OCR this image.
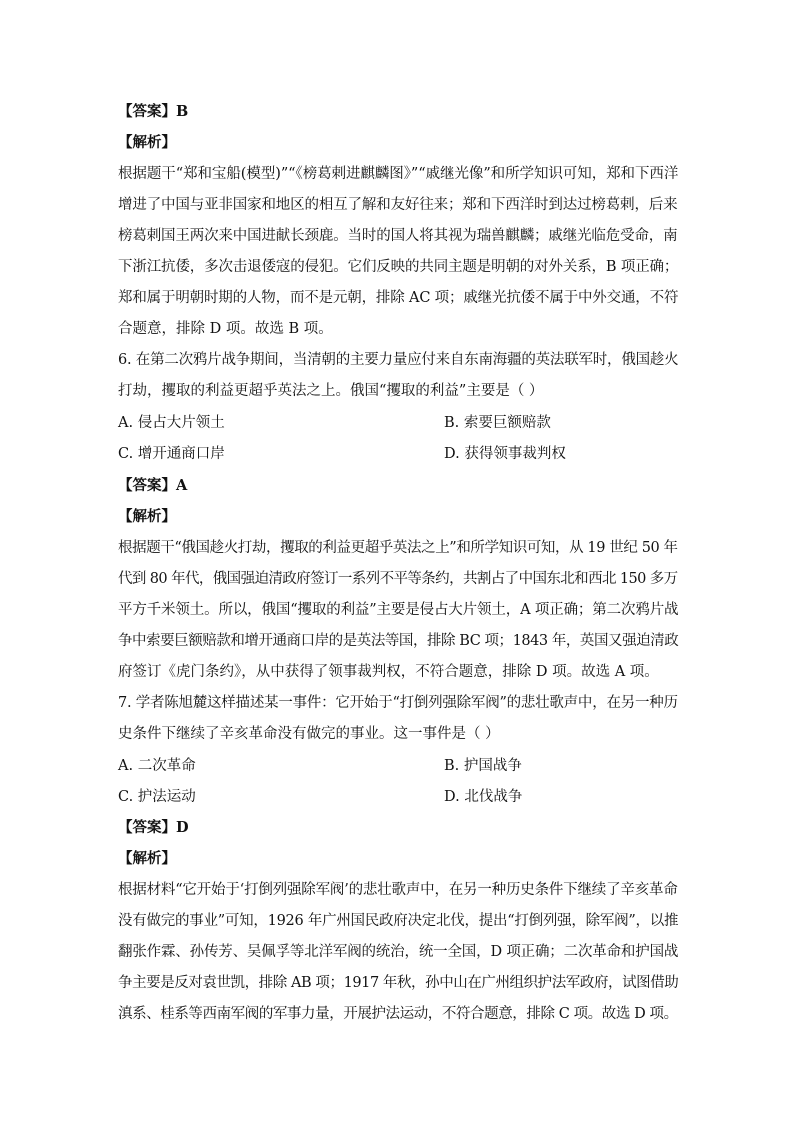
【答案】B
【解析】
根据题干“郑和宝船(模型)”“《榜葛剌进麒麟图》”“戚继光像”和所学知识可知，郑和下西洋
增进了中国与亚非国家和地区的相互了解和友好往来；郑和下西洋时到达过榜葛剌，后来
榜葛剌国王两次来中国进献长颈鹿。当时的国人将其视为瑞兽麒麟；戚继光临危受命，南
下浙江抗倭，多次击退倭寇的侵犯。它们反映的共同主题是明朝的对外关系，B 项正确；
郑和属于明朝时期的人物，而不是元朝，排除 AC 项；戚继光抗倭不属于中外交通，不符
合题意，排除 D 项。故选 B 项。
6. 在第二次鸦片战争期间，当清朝的主要力量应付来自东南海疆的英法联军时，俄国趁火
打劫，攫取的利益更超乎英法之上。俄国“攫取的利益”主要是（ ）
A. 侵占大片领土	B. 索要巨额赔款
C. 增开通商口岸	D. 获得领事裁判权
【答案】A
【解析】
根据题干“俄国趁火打劫，攫取的利益更超乎英法之上”和所学知识可知，从 19 世纪 50 年
代到 80 年代，俄国强迫清政府签订一系列不平等条约，共割占了中国东北和西北 150 多万
平方千米领土。所以，俄国“攫取的利益”主要是侵占大片领土，A 项正确；第二次鸦片战
争中索要巨额赔款和增开通商口岸的是英法等国，排除 BC 项；1843 年，英国又强迫清政
府签订《虎门条约》，从中获得了领事裁判权，不符合题意，排除 D 项。故选 A 项。
7. 学者陈旭麓这样描述某一事件：它开始于“打倒列强除军阀”的悲壮歌声中，在另一种历
史条件下继续了辛亥革命没有做完的事业。这一事件是（ ）
A. 二次革命	B. 护国战争
C. 护法运动	D. 北伐战争
【答案】D
【解析】
根据材料“它开始于‘打倒列强除军阀’的悲壮歌声中，在另一种历史条件下继续了辛亥革命
没有做完的事业”可知，1926 年广州国民政府决定北伐，提出“打倒列强，除军阀”，以推
翻张作霖、孙传芳、吴佩孚等北洋军阀的统治，统一全国，D 项正确；二次革命和护国战
争主要是反对袁世凯，排除 AB 项；1917 年秋，孙中山在广州组织护法军政府，试图借助
滇系、桂系等西南军阀的军事力量，开展护法运动，不符合题意，排除 C 项。故选 D 项。
